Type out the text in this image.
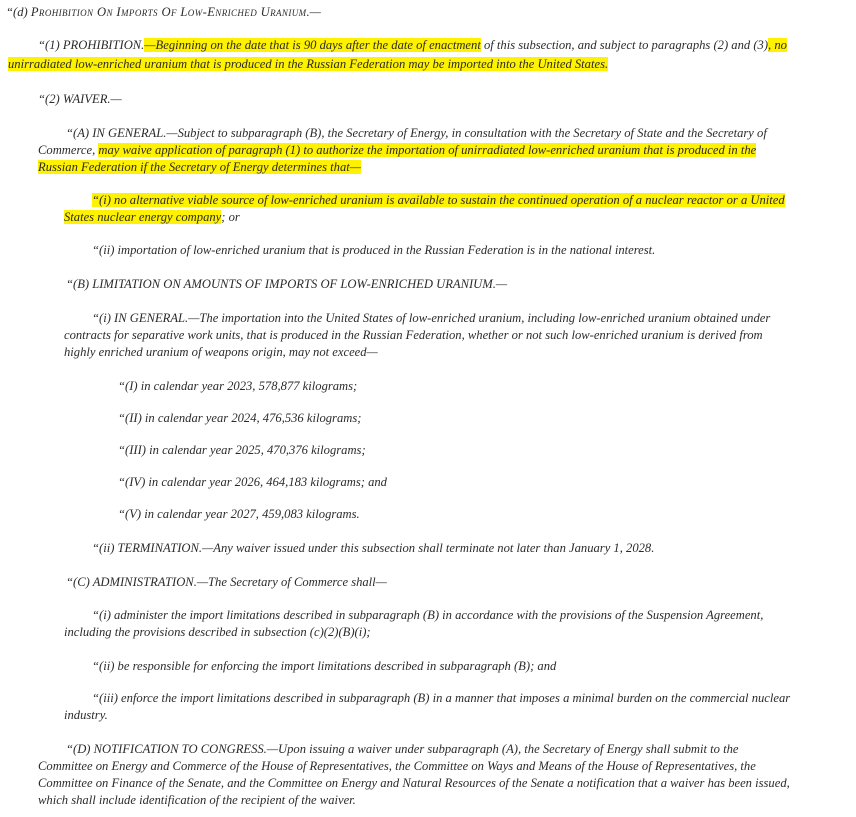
“(d) Prohibition On Imports Of Low-Enriched Uranium.—

“(1) PROHIBITION.—Beginning on the date that is 90 days after the date of enactment of this subsection, and subject to paragraphs (2) and (3), no

unirradiated low-enriched uranium that is produced in the Russian Federation may be imported into the United States.

“(2) WAIVER.—

“(A) IN GENERAL.—Subject to subparagraph (B), the Secretary of Energy, in consultation with the Secretary of State and the Secretary of

Commerce, may waive application of paragraph (1) to authorize the importation of unirradiated low-enriched uranium that is produced in the

Russian Federation if the Secretary of Energy determines that—

“(i) no alternative viable source of low-enriched uranium is available to sustain the continued operation of a nuclear reactor or a United

States nuclear energy company; or

“(ii) importation of low-enriched uranium that is produced in the Russian Federation is in the national interest.

“(B) LIMITATION ON AMOUNTS OF IMPORTS OF LOW-ENRICHED URANIUM.—

“(i) IN GENERAL.—The importation into the United States of low-enriched uranium, including low-enriched uranium obtained under

contracts for separative work units, that is produced in the Russian Federation, whether or not such low-enriched uranium is derived from

highly enriched uranium of weapons origin, may not exceed—

“(I) in calendar year 2023, 578,877 kilograms;

“(II) in calendar year 2024, 476,536 kilograms;

“(III) in calendar year 2025, 470,376 kilograms;

“(IV) in calendar year 2026, 464,183 kilograms; and

“(V) in calendar year 2027, 459,083 kilograms.

“(ii) TERMINATION.—Any waiver issued under this subsection shall terminate not later than January 1, 2028.

“(C) ADMINISTRATION.—The Secretary of Commerce shall—

“(i) administer the import limitations described in subparagraph (B) in accordance with the provisions of the Suspension Agreement,

including the provisions described in subsection (c)(2)(B)(i);

“(ii) be responsible for enforcing the import limitations described in subparagraph (B); and

“(iii) enforce the import limitations described in subparagraph (B) in a manner that imposes a minimal burden on the commercial nuclear

industry.

“(D) NOTIFICATION TO CONGRESS.—Upon issuing a waiver under subparagraph (A), the Secretary of Energy shall submit to the

Committee on Energy and Commerce of the House of Representatives, the Committee on Ways and Means of the House of Representatives, the

Committee on Finance of the Senate, and the Committee on Energy and Natural Resources of the Senate a notification that a waiver has been issued,

which shall include identification of the recipient of the waiver.
